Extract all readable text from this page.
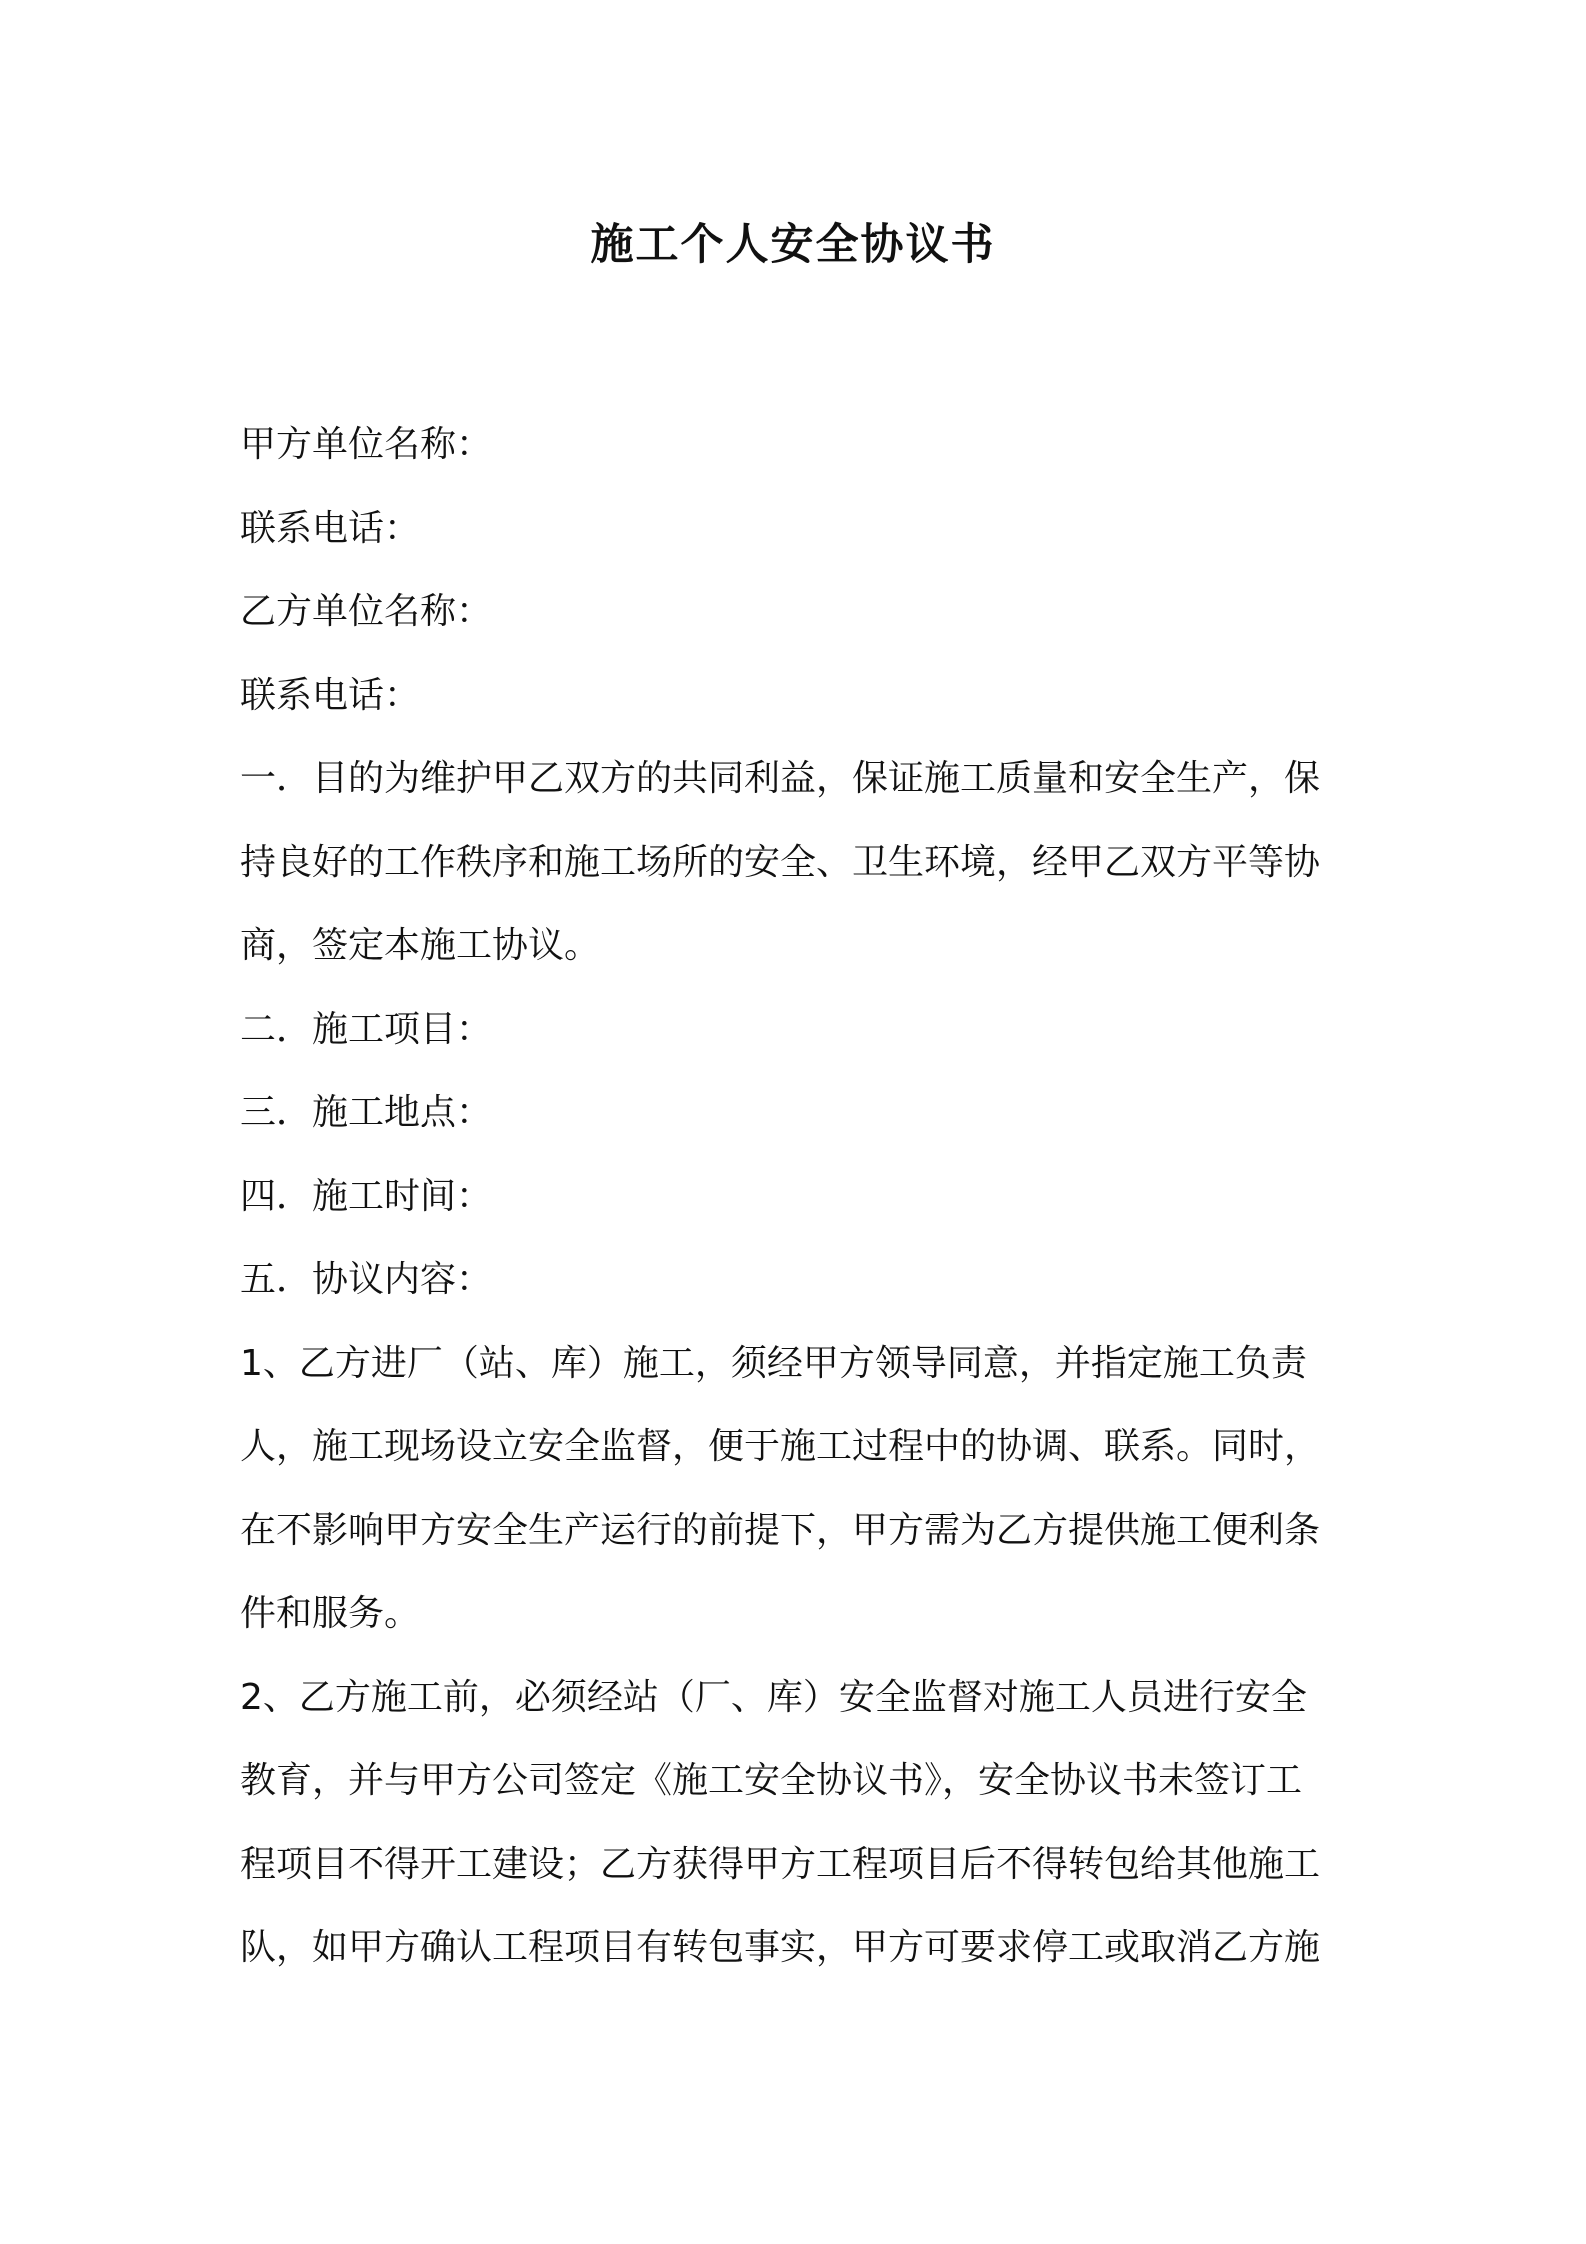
施工个人安全协议书
甲方单位名称：
联系电话：
乙方单位名称：
联系电话：
一．目的为维护甲乙双方的共同利益，保证施工质量和安全生产，保
持良好的工作秩序和施工场所的安全、卫生环境，经甲乙双方平等协
商，签定本施工协议。
二．施工项目：
三．施工地点：
四．施工时间：
五．协议内容：
1、乙方进厂（站、库）施工，须经甲方领导同意，并指定施工负责
人，施工现场设立安全监督，便于施工过程中的协调、联系。同时，
在不影响甲方安全生产运行的前提下，甲方需为乙方提供施工便利条
件和服务。
2、乙方施工前，必须经站（厂、库）安全监督对施工人员进行安全
教育，并与甲方公司签定《施工安全协议书》，安全协议书未签订工
程项目不得开工建设；乙方获得甲方工程项目后不得转包给其他施工
队，如甲方确认工程项目有转包事实，甲方可要求停工或取消乙方施
